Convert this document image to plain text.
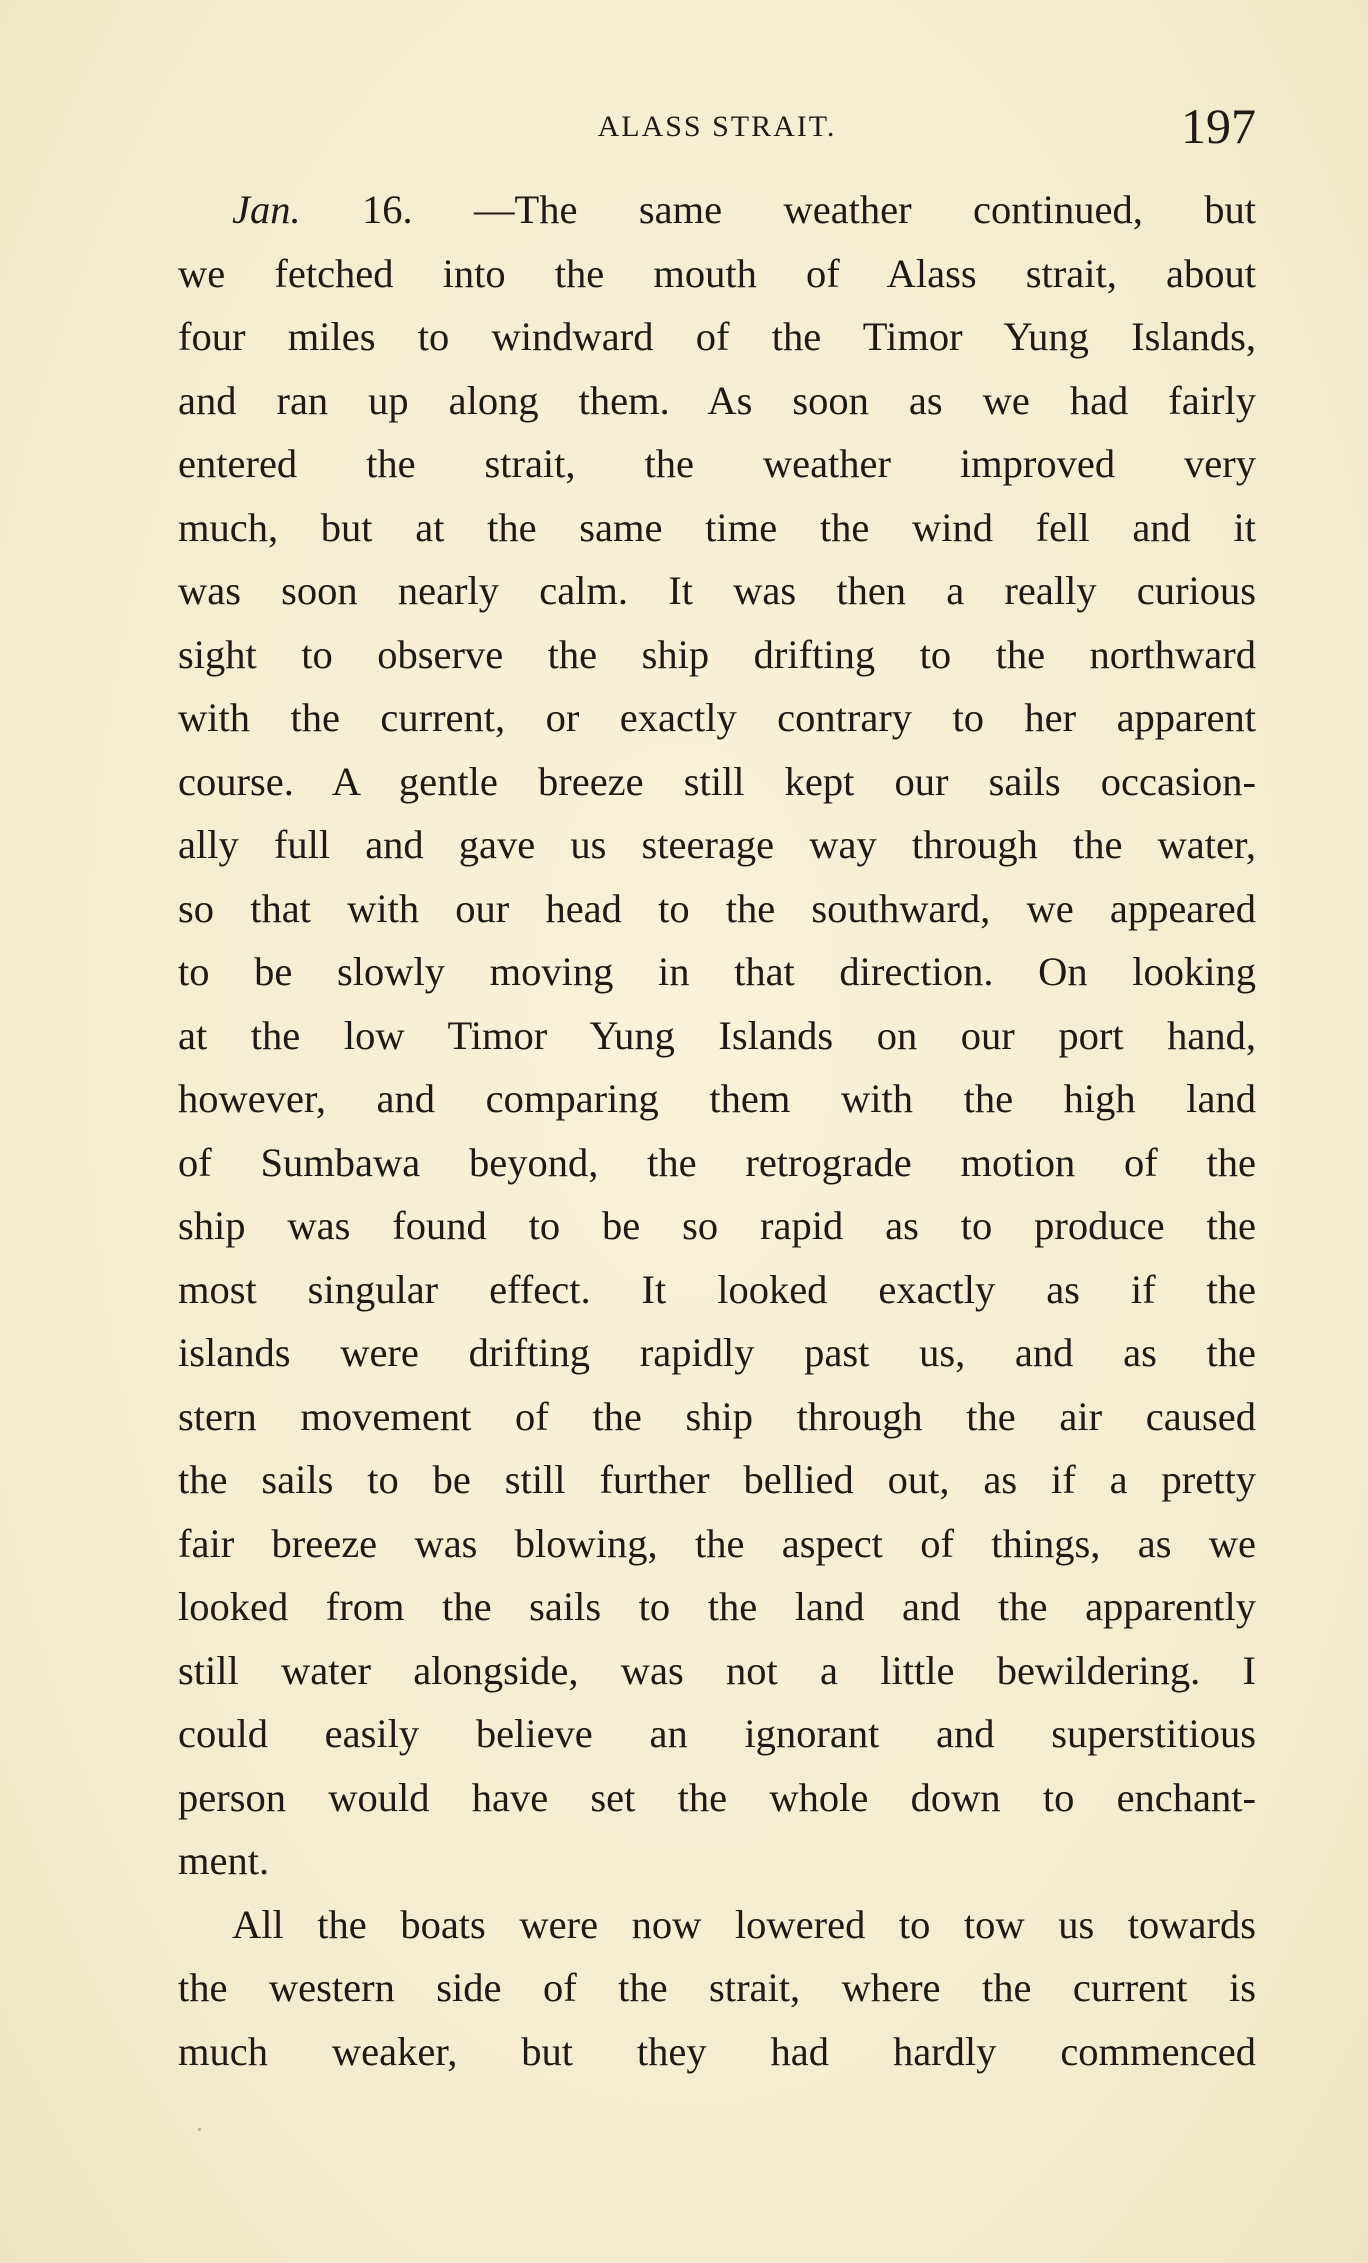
ALASS STRAIT.	197
Jan. 16. —The same weather continued, but
we fetched into the mouth of Alass strait, about
four miles to windward of the Timor Yung Islands,
and ran up along them. As soon as we had fairly
entered the strait, the weather improved very
much, but at the same time the wind fell and it
was soon nearly calm. It was then a really curious
sight to observe the ship drifting to the northward
with the current, or exactly contrary to her apparent
course. A gentle breeze still kept our sails occasion-
ally full and gave us steerage way through the water,
so that with our head to the southward, we appeared
to be slowly moving in that direction. On looking
at the low Timor Yung Islands on our port hand,
however, and comparing them with the high land
of Sumbawa beyond, the retrograde motion of the
ship was found to be so rapid as to produce the
most singular effect. It looked exactly as if the
islands were drifting rapidly past us, and as the
stern movement of the ship through the air caused
the sails to be still further bellied out, as if a pretty
fair breeze was blowing, the aspect of things, as we
looked from the sails to the land and the apparently
still water alongside, was not a little bewildering. I
could easily believe an ignorant and superstitious
person would have set the whole down to enchant-
ment.
All the boats were now lowered to tow us towards
the western side of the strait, where the current is
much weaker, but they had hardly commenced
